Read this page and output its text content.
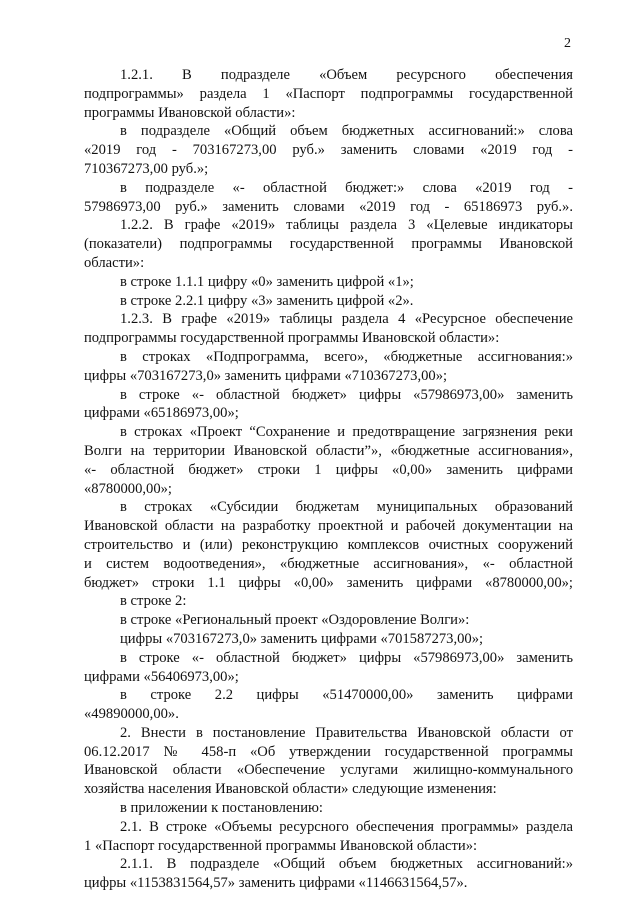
2
1.2.1. В подразделе «Объем ресурсного обеспечения
подпрограммы» раздела 1 «Паспорт подпрограммы государственной
программы Ивановской области»:
в подразделе «Общий объем бюджетных ассигнований:» слова
«2019 год - 703167273,00 руб.» заменить словами «2019 год -
710367273,00 руб.»;
в подразделе «- областной бюджет:» слова «2019 год -
57986973,00 руб.» заменить словами «2019 год - 65186973 руб.».
1.2.2. В графе «2019» таблицы раздела 3 «Целевые индикаторы
(показатели) подпрограммы государственной программы Ивановской
области»:
в строке 1.1.1 цифру «0» заменить цифрой «1»;
в строке 2.2.1 цифру «3» заменить цифрой «2».
1.2.3. В графе «2019» таблицы раздела 4 «Ресурсное обеспечение
подпрограммы государственной программы Ивановской области»:
в строках «Подпрограмма, всего», «бюджетные ассигнования:»
цифры «703167273,0» заменить цифрами «710367273,00»;
в строке «- областной бюджет» цифры «57986973,00» заменить
цифрами «65186973,00»;
в строках «Проект “Сохранение и предотвращение загрязнения реки
Волги на территории Ивановской области”», «бюджетные ассигнования»,
«- областной бюджет» строки 1 цифры «0,00» заменить цифрами
«8780000,00»;
в строках «Субсидии бюджетам муниципальных образований
Ивановской области на разработку проектной и рабочей документации на
строительство и (или) реконструкцию комплексов очистных сооружений
и систем водоотведения», «бюджетные ассигнования», «- областной
бюджет» строки 1.1 цифры «0,00» заменить цифрами «8780000,00»;
в строке 2:
в строке «Региональный проект «Оздоровление Волги»:
цифры «703167273,0» заменить цифрами «701587273,00»;
в строке «- областной бюджет» цифры «57986973,00» заменить
цифрами «56406973,00»;
в строке 2.2 цифры «51470000,00» заменить цифрами
«49890000,00».
2. Внести в постановление Правительства Ивановской области от
06.12.2017 № 458-п «Об утверждении государственной программы
Ивановской области «Обеспечение услугами жилищно-коммунального
хозяйства населения Ивановской области» следующие изменения:
в приложении к постановлению:
2.1. В строке «Объемы ресурсного обеспечения программы» раздела
1 «Паспорт государственной программы Ивановской области»:
2.1.1. В подразделе «Общий объем бюджетных ассигнований:»
цифры «1153831564,57» заменить цифрами «1146631564,57».
